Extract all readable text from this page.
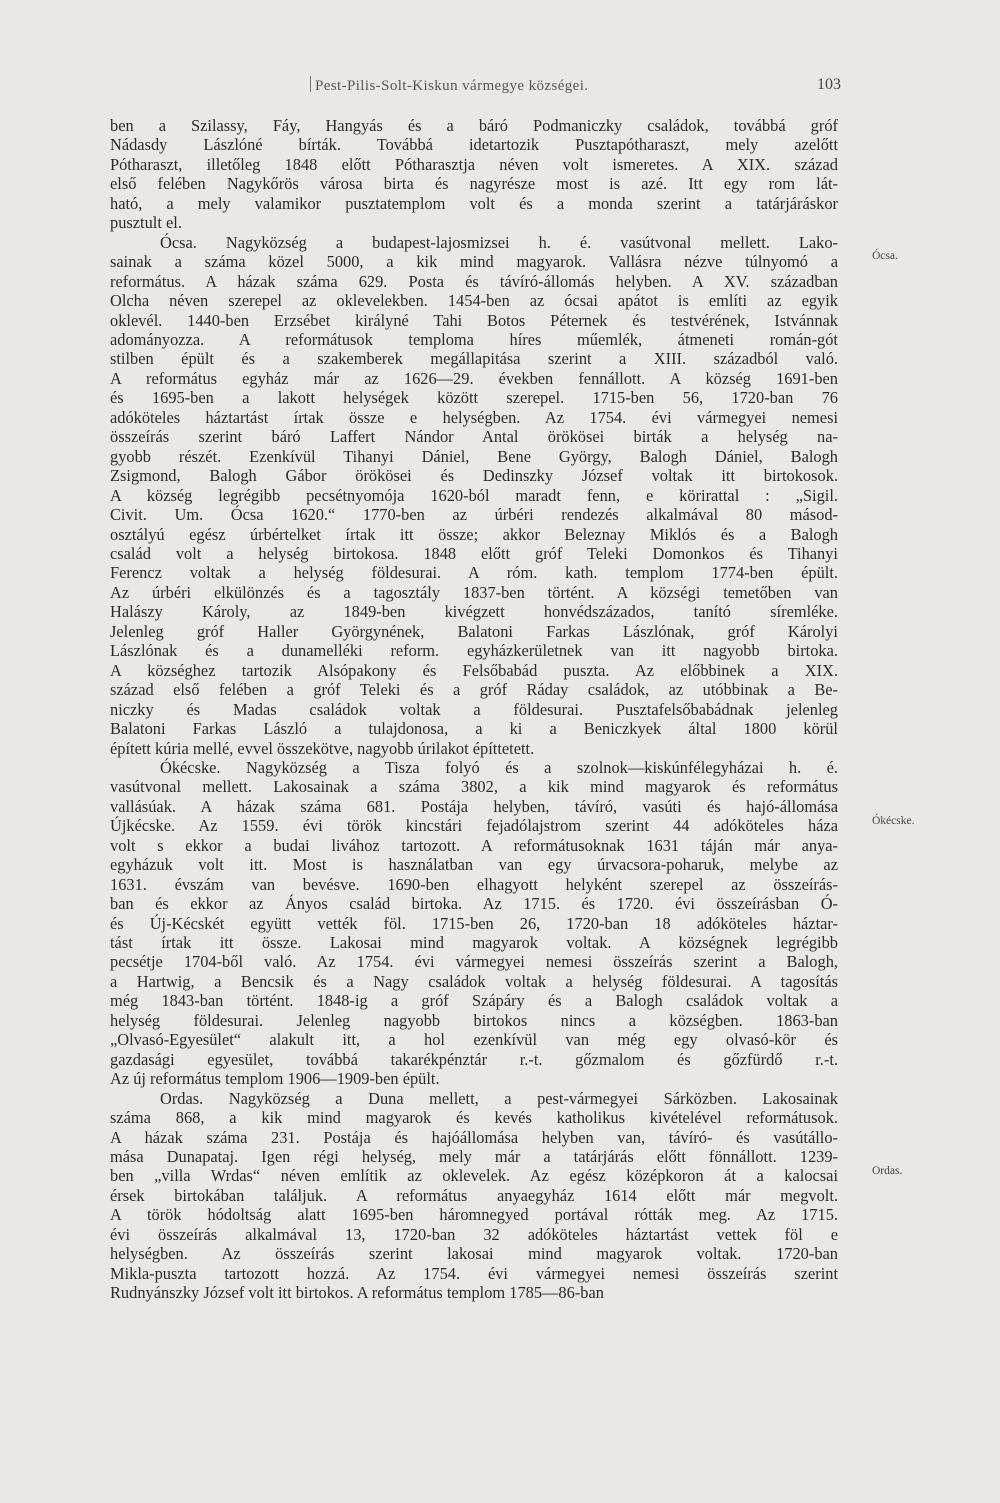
Pest-Pilis-Solt-Kiskun vármegye községei.	103
Ócsa.
Ókécske.
Ordas.

ben a Szilassy, Fáy, Hangyás és a báró Podmaniczky családok, továbbá gróf
Nádasdy Lászlóné bírták. Továbbá idetartozik Pusztapótharaszt, mely azelőtt
Pótharaszt, illetőleg 1848 előtt Pótharasztja néven volt ismeretes. A XIX. század
első felében Nagykőrös városa birta és nagyrésze most is azé. Itt egy rom lát-
ható, a mely valamikor pusztatemplom volt és a monda szerint a tatárjáráskor
pusztult el.

Ócsa. Nagyközség a budapest-lajosmizsei h. é. vasútvonal mellett. Lako-
sainak a száma közel 5000, a kik mind magyarok. Vallásra nézve túlnyomó a
református. A házak száma 629. Posta és távíró-állomás helyben. A XV. században
Olcha néven szerepel az oklevelekben. 1454-ben az ócsai apátot is említi az egyik
oklevél. 1440-ben Erzsébet királyné Tahi Botos Péternek és testvérének, Istvánnak
adományozza. A reformátusok temploma híres műemlék, átmeneti román-gót
stilben épült és a szakemberek megállapitása szerint a XIII. századból való.
A református egyház már az 1626—29. években fennállott. A község 1691-ben
és 1695-ben a lakott helységek között szerepel. 1715-ben 56, 1720-ban 76
adóköteles háztartást írtak össze e helységben. Az 1754. évi vármegyei nemesi
összeírás szerint báró Laffert Nándor Antal örökösei birták a helység na-
gyobb részét. Ezenkívül Tihanyi Dániel, Bene György, Balogh Dániel, Balogh
Zsigmond, Balogh Gábor örökösei és Dedinszky József voltak itt birtokosok.
A község legrégibb pecsétnyomója 1620-ból maradt fenn, e körirattal : „Sigil.
Civit. Um. Ócsa 1620.“ 1770-ben az úrbéri rendezés alkalmával 80 másod-
osztályú egész úrbértelket írtak itt össze; akkor Beleznay Miklós és a Balogh
család volt a helység birtokosa. 1848 előtt gróf Teleki Domonkos és Tihanyi
Ferencz voltak a helység földesurai. A róm. kath. templom 1774-ben épült.
Az úrbéri elkülönzés és a tagosztály 1837-ben történt. A községi temetőben van
Halászy Károly, az 1849-ben kivégzett honvédszázados, tanító síremléke.
Jelenleg gróf Haller Györgynének, Balatoni Farkas Lászlónak, gróf Károlyi
Lászlónak és a dunamelléki reform. egyházkerületnek van itt nagyobb birtoka.
A községhez tartozik Alsópakony és Felsőbabád puszta. Az előbbinek a XIX.
század első felében a gróf Teleki és a gróf Ráday családok, az utóbbinak a Be-
niczky és Madas családok voltak a földesurai. Pusztafelsőbabádnak jelenleg
Balatoni Farkas László a tulajdonosa, a ki a Beniczkyek által 1800 körül
épített kúria mellé, evvel összekötve, nagyobb úrilakot építtetett.

Ókécske. Nagyközség a Tisza folyó és a szolnok—kiskúnfélegyházai h. é.
vasútvonal mellett. Lakosainak a száma 3802, a kik mind magyarok és református
vallásúak. A házak száma 681. Postája helyben, távíró, vasúti és hajó-állomása
Újkécske. Az 1559. évi török kincstári fejadólajstrom szerint 44 adóköteles háza
volt s ekkor a budai livához tartozott. A reformátusoknak 1631 táján már anya-
egyházuk volt itt. Most is használatban van egy úrvacsora-poharuk, melybe az
1631. évszám van bevésve. 1690-ben elhagyott helyként szerepel az összeírás-
ban és ekkor az Ányos család birtoka. Az 1715. és 1720. évi összeírásban Ó-
és Új-Kécskét együtt vették föl. 1715-ben 26, 1720-ban 18 adóköteles háztar-
tást írtak itt össze. Lakosai mind magyarok voltak. A községnek legrégibb
pecsétje 1704-ből való. Az 1754. évi vármegyei nemesi összeírás szerint a Balogh,
a Hartwig, a Bencsik és a Nagy családok voltak a helység földesurai. A tagosítás
még 1843-ban történt. 1848-ig a gróf Szápáry és a Balogh családok voltak a
helység földesurai. Jelenleg nagyobb birtokos nincs a községben. 1863-ban
„Olvasó-Egyesület“ alakult itt, a hol ezenkívül van még egy olvasó-kör és
gazdasági egyesület, továbbá takarékpénztár r.-t. gőzmalom és gőzfürdő r.-t.
Az új református templom 1906—1909-ben épült.

Ordas. Nagyközség a Duna mellett, a pest-vármegyei Sárközben. Lakosainak
száma 868, a kik mind magyarok és kevés katholikus kivételével reformátusok.
A házak száma 231. Postája és hajóállomása helyben van, távíró- és vasútállo-
mása Dunapataj. Igen régi helység, mely már a tatárjárás előtt fönnállott. 1239-
ben „villa Wrdas“ néven említik az oklevelek. Az egész középkoron át a kalocsai
érsek birtokában találjuk. A református anyaegyház 1614 előtt már megvolt.
A török hódoltság alatt 1695-ben háromnegyed portával rótták meg. Az 1715.
évi összeírás alkalmával 13, 1720-ban 32 adóköteles háztartást vettek föl e
helységben. Az összeírás szerint lakosai mind magyarok voltak. 1720-ban
Mikla-puszta tartozott hozzá. Az 1754. évi vármegyei nemesi összeírás szerint
Rudnyánszky József volt itt birtokos. A református templom 1785—86-ban
